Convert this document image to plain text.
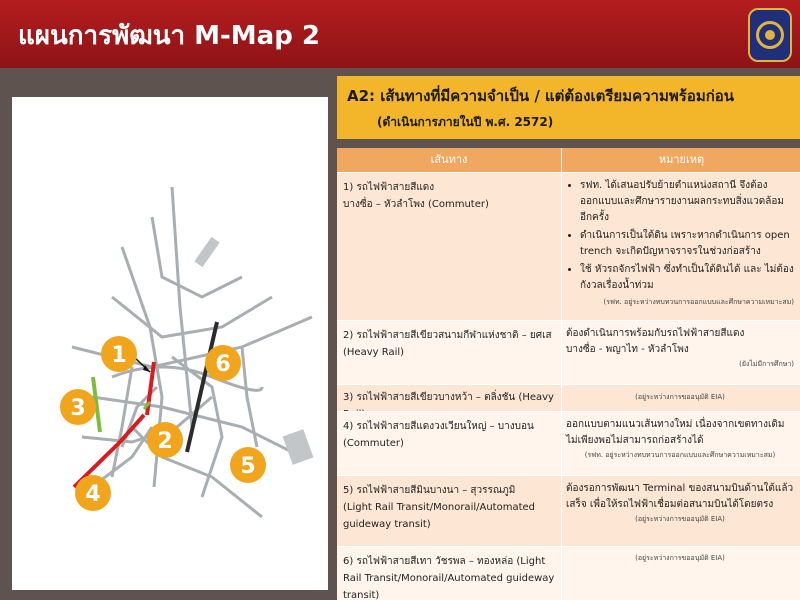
แผนการพัฒนา M-Map 2
1
2
3
4
5
6
A2: เส้นทางที่มีความจำเป็น / แต่ต้องเตรียมความพร้อมก่อน
(ดำเนินการภายในปี พ.ศ. 2572)
เส้นทาง	หมายเหตุ
1) รถไฟฟ้าสายสีแดง
บางซื่อ – หัวลำโพง (Commuter)
• รฟท. ได้เสนอปรับย้ายตำแหน่งสถานี จึงต้องออกแบบและศึกษารายงานผลกระทบสิ่งแวดล้อมอีกครั้ง
• ดำเนินการเป็นใต้ดิน เพราะหากดำเนินการ open trench จะเกิดปัญหาจราจรในช่วงก่อสร้าง
• ใช้ หัวรถจักรไฟฟ้า ซึ่งทำเป็นใต้ดินได้ และ ไม่ต้องกังวลเรื่องน้ำท่วม
(รฟท. อยู่ระหว่างทบทวนการออกแบบและศึกษาความเหมาะสม)
2) รถไฟฟ้าสายสีเขียวสนามกีฬาแห่งชาติ – ยศเส
(Heavy Rail)
ต้องดำเนินการพร้อมกับรถไฟฟ้าสายสีแดง
บางซื่อ - พญาไท - หัวลำโพง
(ยังไม่มีการศึกษา)
3) รถไฟฟ้าสายสีเขียวบางหว้า – ตลิ่งชัน (Heavy	(อยู่ระหว่างการขออนุมัติ EIA)
4) รถไฟฟ้าสายสีแดงวงเวียนใหญ่ – บางบอน (Commuter)
ออกแบบตามแนวเส้นทางใหม่ เนื่องจากเขตทางเดิมไม่เพียงพอไม่สามารถก่อสร้างได้
(รฟท. อยู่ระหว่างทบทวนการออกแบบและศึกษาความเหมาะสม)
5) รถไฟฟ้าสายสีมินบางนา – สุวรรณภูมิ
(Light Rail Transit/Monorail/Automated guideway transit)
ต้องรอการพัฒนา Terminal ของสนามบินด้านใต้แล้วเสร็จ เพื่อให้รถไฟฟ้าเชื่อมต่อสนามบินได้โดยตรง
(อยู่ระหว่างการขออนุมัติ EIA)
6) รถไฟฟ้าสายสีเทา วัชรพล – ทองหล่อ (Light Rail Transit/Monorail/Automated guideway transit)
(อยู่ระหว่างการขออนุมัติ EIA)
